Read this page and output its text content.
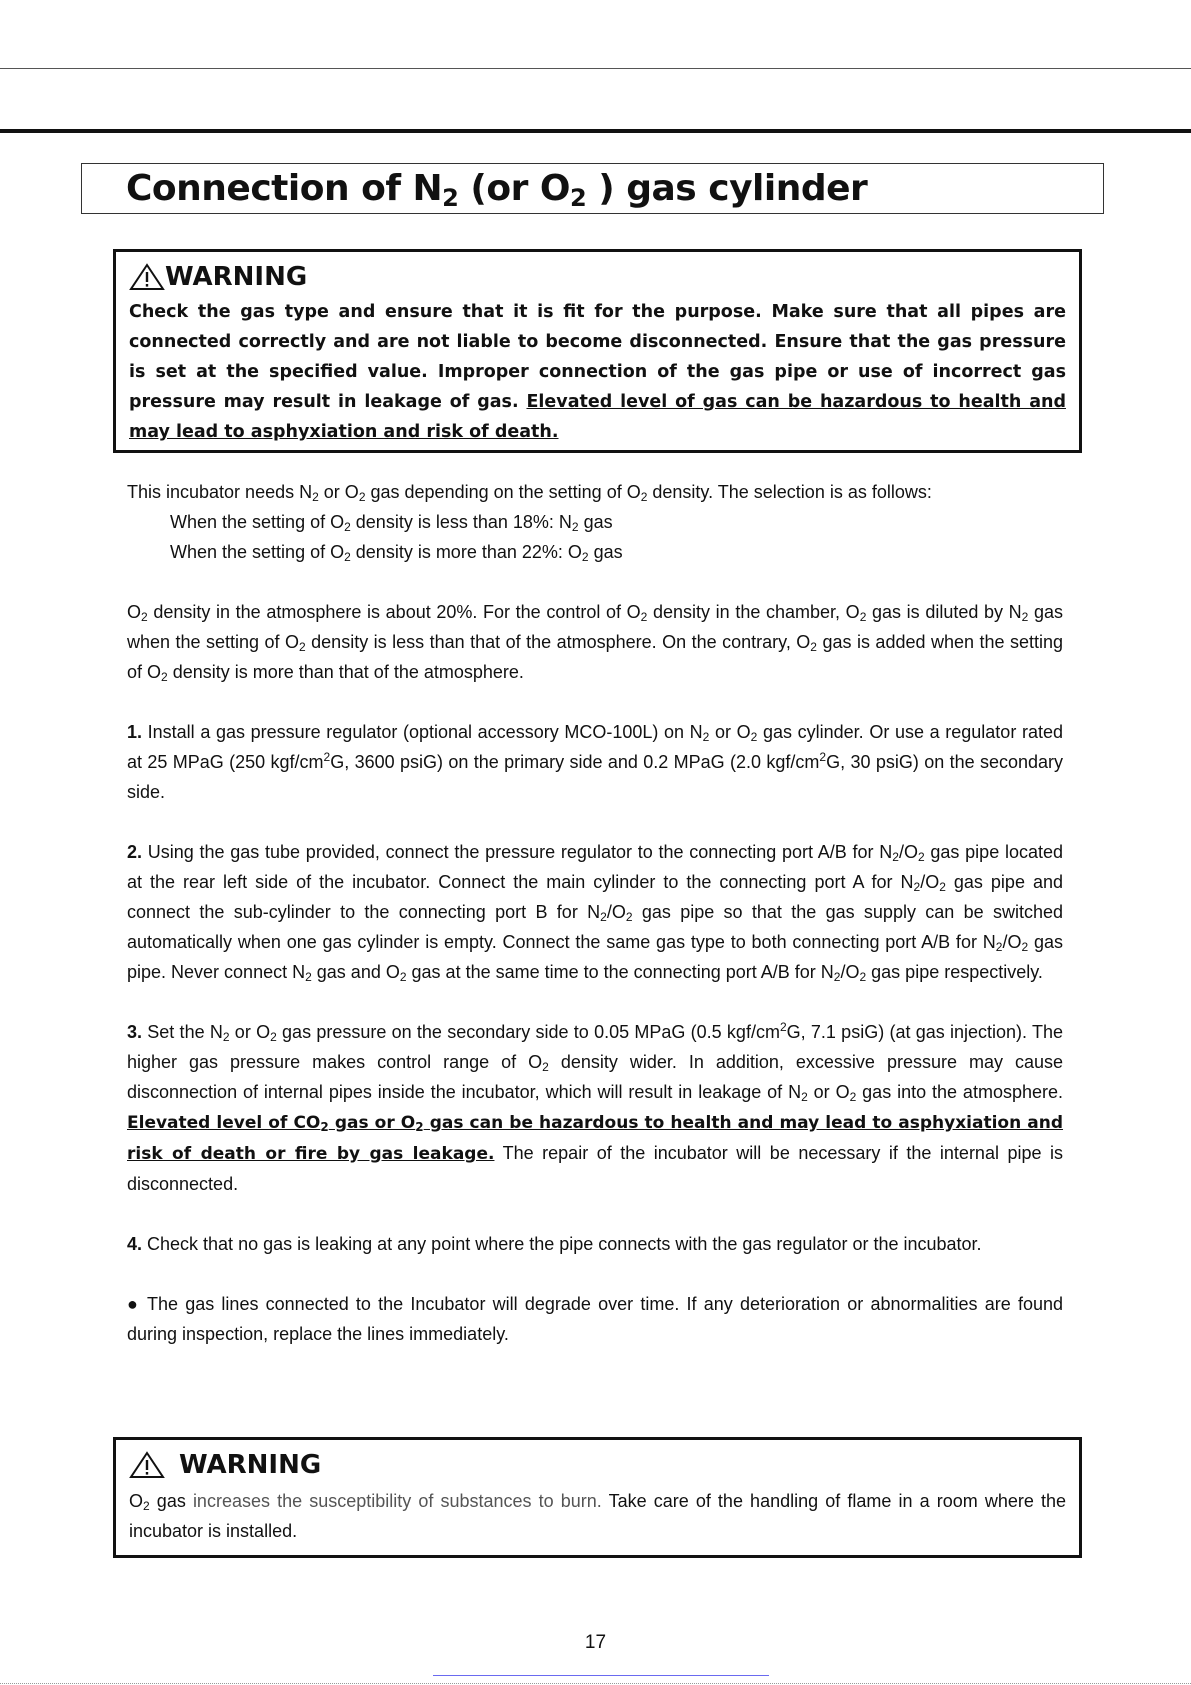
Connection of $N_2$ (or $O_2$ ) gas cylinder
WARNING

Check the gas type and ensure that it is fit for the purpose. Make sure that all pipes are connected correctly and are not liable to become disconnected. Ensure that the gas pressure is set at the specified value. Improper connection of the gas pipe or use of incorrect gas pressure may result in leakage of gas. Elevated level of gas can be hazardous to health and may lead to asphyxiation and risk of death.

This incubator needs $N_2$ or $O_2$ gas depending on the setting of $O_2$ density. The selection is as follows:

When the setting of $O_2$ density is less than 18%: $N_2$ gas

When the setting of $O_2$ density is more than 22%: $O_2$ gas

$O_2$ density in the atmosphere is about 20%. For the control of $O_2$ density in the chamber, $O_2$ gas is diluted by $N_2$ gas when the setting of $O_2$ density is less than that of the atmosphere. On the contrary, $O_2$ gas is added when the setting of $O_2$ density is more than that of the atmosphere.

1. Install a gas pressure regulator (optional accessory MCO-100L) on $N_2$ or $O_2$ gas cylinder. Or use a regulator rated at 25 MPaG (250 kgf/$cm^2G$, 3600 psiG) on the primary side and 0.2 MPaG (2.0 kgf/$cm^2G$, 30 psiG) on the secondary side.

2. Using the gas tube provided, connect the pressure regulator to the connecting port A/B for $N_2/O_2$ gas pipe located at the rear left side of the incubator. Connect the main cylinder to the connecting port A for $N_2/O_2$ gas pipe and connect the sub-cylinder to the connecting port B for $N_2/O_2$ gas pipe so that the gas supply can be switched automatically when one gas cylinder is empty. Connect the same gas type to both connecting port A/B for $N_2/O_2$ gas pipe. Never connect $N_2$ gas and $O_2$ gas at the same time to the connecting port A/B for $N_2/O_2$ gas pipe respectively.

3. Set the $N_2$ or $O_2$ gas pressure on the secondary side to 0.05 MPaG (0.5 kgf/$cm^2G$, 7.1 psiG) (at gas injection). The higher gas pressure makes control range of $O_2$ density wider. In addition, excessive pressure may cause disconnection of internal pipes inside the incubator, which will result in leakage of $N_2$ or $O_2$ gas into the atmosphere. Elevated level of $CO_2$ gas or $O_2$ gas can be hazardous to health and may lead to asphyxiation and risk of death or fire by gas leakage. The repair of the incubator will be necessary if the internal pipe is disconnected.

4. Check that no gas is leaking at any point where the pipe connects with the gas regulator or the incubator.

● The gas lines connected to the Incubator will degrade over time. If any deterioration or abnormalities are found during inspection, replace the lines immediately.

WARNING

$O_2$ gas increases the susceptibility of substances to burn. Take care of the handling of flame in a room where the incubator is installed.

17
